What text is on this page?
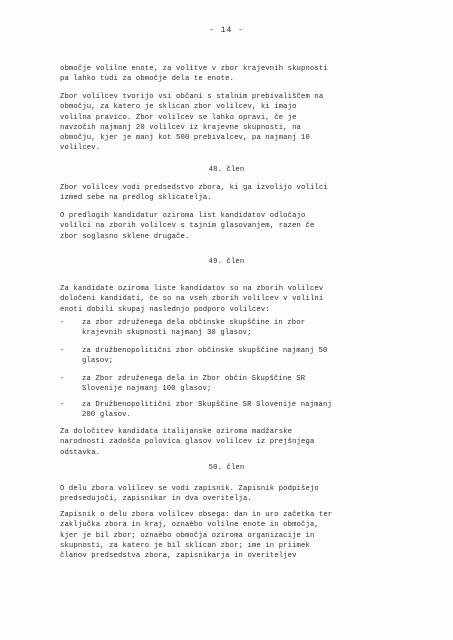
- 14 -
območje volilne enote, za volitve v zbor krajevnih skupnosti
pa lahko tudi za območje dela te enote.
Zbor volilcev tvorijo vsi občani s stalnim prebivališčem na
območju, za katero je sklican zbor volilcev, ki imajo
volilna pravico. Zbor volilcev se lahko opravi, če je
navzočih najmanj 20 volilcev iz krajevne skupnosti, na
območju, kjer je manj kot 500 prebivalcev, pa najmanj 10
volilcev.
48. člen
Zbor volilcev vodi predsedstvo zbora, ki ga izvolijo volilci
izmed sebe na predlog sklicatelja.
O predlogih kandidatur oziroma list kandidatov odločajo
volilci na zborih volilcev s tajnim glasovanjem, razen če
zbor soglasno sklene drugače.
49. člen
Za kandidate oziroma liste kandidatov so na zborih volilcev
določeni kandidati, če so na vseh zborih volilcev v volilni
enoti dobili skupaj naslednjo podporo volilcev:
- za zbor združenega dela občinske skupščine in zbor
krajevnih skupnosti najmanj 30 glasov;
- za družbenopolitični zbor občinske skupščine najmanj 50
glasov;
- za Zbor združenega dela in Zbor občin Skupščine SR
Slovenije najmanj 100 glasov;
- za Družbenopolitični zbor Skupščine SR Slovenije najmanj
200 glasov.
Za določitev kandidata italijanske oziroma madžarske
narodnosti zadošča polovica glasov volilcev iz prejšnjega
odstavka.
50. člen
O delu zbora volilcev se vodi zapisnik. Zapisnik podpišejo
predsedujoči, zapisnikar in dva overitelja.
Zapisnik o delu zbora volilcev obsega: dan in uro začetka ter
zaključka zbora in kraj, oznaèbo volilne enote in območja,
kjer je bil zbor; oznaèbo območja oziroma organizacije in
skupnosti, za katero je bil sklican zbor; ime in priimek
članov predsedstva zbora, zapisnikarja in overiteljev
